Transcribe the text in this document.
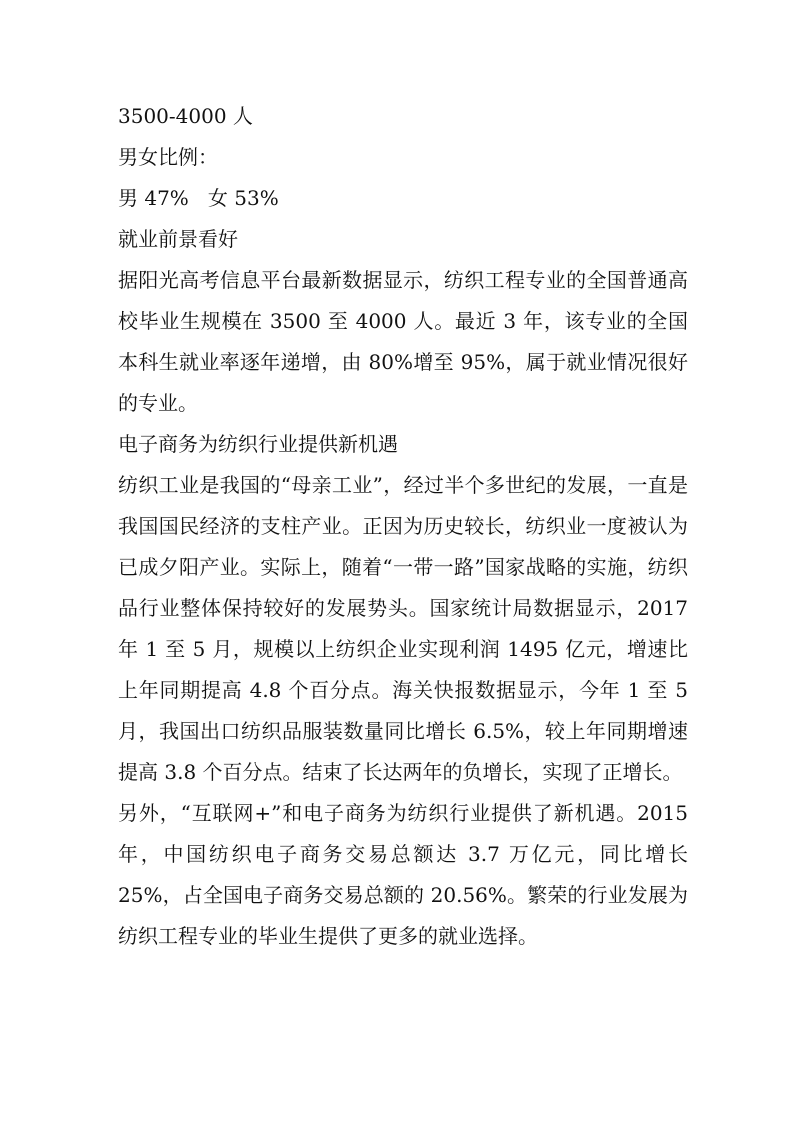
3500-4000 人
男女比例：
男 47%   女 53%
就业前景看好

据阳光高考信息平台最新数据显示，纺织工程专业的全国普通高校毕业生规模在 3500 至 4000 人。最近 3 年，该专业的全国本科生就业率逐年递增，由 80%增至 95%，属于就业情况很好的专业。

电子商务为纺织行业提供新机遇

纺织工业是我国的“母亲工业”，经过半个多世纪的发展，一直是我国国民经济的支柱产业。正因为历史较长，纺织业一度被认为已成夕阳产业。实际上，随着“一带一路”国家战略的实施，纺织品行业整体保持较好的发展势头。国家统计局数据显示，2017 年 1 至 5 月，规模以上纺织企业实现利润 1495 亿元，增速比上年同期提高 4.8 个百分点。海关快报数据显示，今年 1 至 5 月，我国出口纺织品服装数量同比增长 6.5%，较上年同期增速提高 3.8 个百分点。结束了长达两年的负增长，实现了正增长。

另外，“互联网+”和电子商务为纺织行业提供了新机遇。2015 年，中国纺织电子商务交易总额达 3.7 万亿元，同比增长 25%，占全国电子商务交易总额的 20.56%。繁荣的行业发展为纺织工程专业的毕业生提供了更多的就业选择。
